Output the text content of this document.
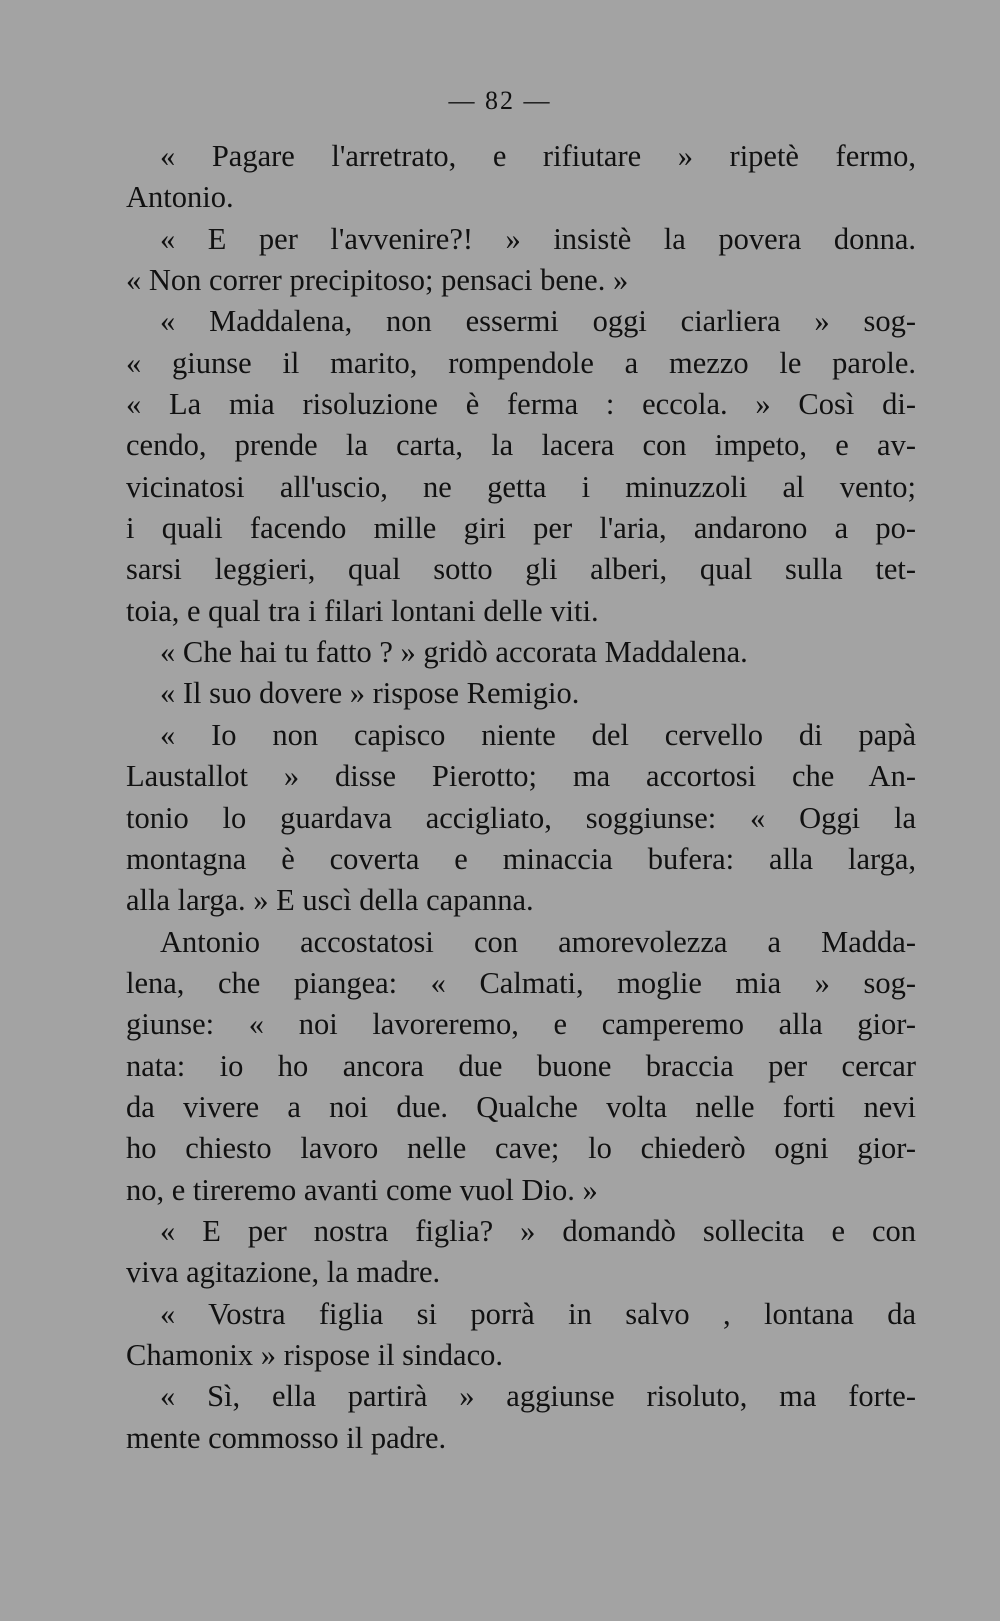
— 82 —
« Pagare l'arretrato, e rifiutare » ripetè fermo,
Antonio.
« E per l'avvenire?! » insistè la povera donna.
« Non correr precipitoso; pensaci bene. »
« Maddalena, non essermi oggi ciarliera » sog-
« giunse il marito, rompendole a mezzo le parole.
« La mia risoluzione è ferma : eccola. » Così di-
cendo, prende la carta, la lacera con impeto, e av-
vicinatosi all'uscio, ne getta i minuzzoli al vento;
i quali facendo mille giri per l'aria, andarono a po-
sarsi leggieri, qual sotto gli alberi, qual sulla tet-
toia, e qual tra i filari lontani delle viti.
« Che hai tu fatto ? » gridò accorata Maddalena.
« Il suo dovere » rispose Remigio.
« Io non capisco niente del cervello di papà
Laustallot » disse Pierotto; ma accortosi che An-
tonio lo guardava accigliato, soggiunse: « Oggi la
montagna è coverta e minaccia bufera: alla larga,
alla larga. » E uscì della capanna.
Antonio accostatosi con amorevolezza a Madda-
lena, che piangea: « Calmati, moglie mia » sog-
giunse: « noi lavoreremo, e camperemo alla gior-
nata: io ho ancora due buone braccia per cercar
da vivere a noi due. Qualche volta nelle forti nevi
ho chiesto lavoro nelle cave; lo chiederò ogni gior-
no, e tireremo avanti come vuol Dio. »
« E per nostra figlia? » domandò sollecita e con
viva agitazione, la madre.
« Vostra figlia si porrà in salvo , lontana da
Chamonix » rispose il sindaco.
« Sì, ella partirà » aggiunse risoluto, ma forte-
mente commosso il padre.
